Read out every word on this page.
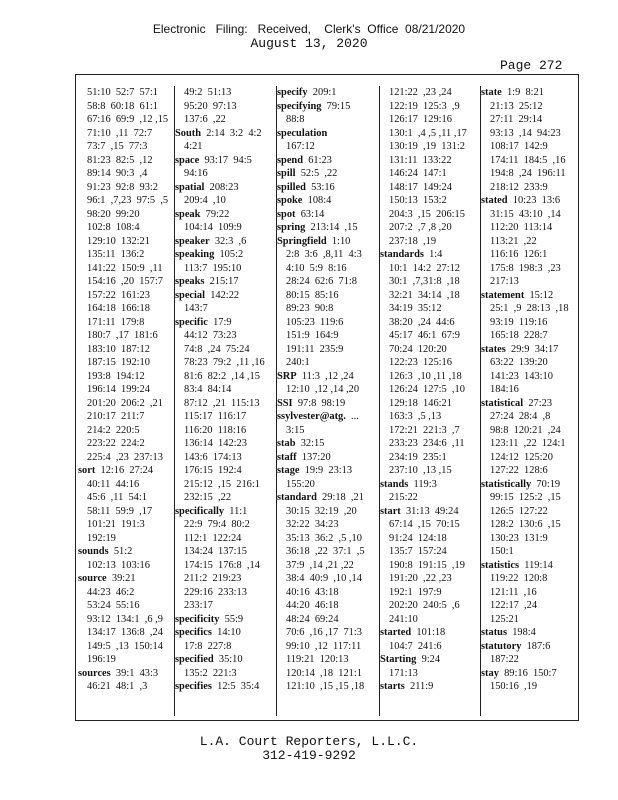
Electronic   Filing:   Received,    Clerk's  Office  08/21/2020
August 13, 2020
Page 272
51:10  52:7  57:1
58:8  60:18  61:1
67:16  69:9  ,12 ,15
71:10  ,11  72:7
73:7  ,15  77:3
81:23  82:5  ,12
89:14  90:3  ,4
91:23  92:8  93:2
96:1  ,7,23  97:5  ,5
98:20  99:20
102:8  108:4
129:10  132:21
135:11  136:2
141:22  150:9  ,11
154:16  ,20  157:7
157:22  161:23
164:18  166:18
171:11  179:8
180:7  ,17  181:6
183:10  187:12
187:15  192:10
193:8  194:12
196:14  199:24
201:20  206:2  ,21
210:17  211:7
214:2  220:5
223:22  224:2
225:4  ,23  237:13
sort 12:16  27:24
40:11  44:16
45:6  ,11  54:1
58:11  59:9  ,17
101:21  191:3
192:19
sounds 51:2
102:13  103:16
source 39:21
44:23  46:2
53:24  55:16
93:12  134:1  ,6 ,9
134:17  136:8  ,24
149:5  ,13  150:14
196:19
sources 39:1  43:3
46:21  48:1  ,3
49:2  51:13
95:20  97:13
137:6  ,22
South 2:14  3:2  4:2
4:21
space 93:17  94:5
94:16
spatial 208:23
209:4  ,10
speak 79:22
104:14  109:9
speaker 32:3  ,6
speaking 105:2
113:7  195:10
speaks 215:17
special 142:22
143:7
specific 17:9
44:12  73:23
74:8  ,24  75:24
78:23  79:2  ,11 ,16
81:6  82:2  ,14 ,15
83:4  84:14
87:12  ,21  115:13
115:17  116:17
116:20  118:16
136:14  142:23
143:6  174:13
176:15  192:4
215:12  ,15  216:1
232:15  ,22
specifically 11:1
22:9  79:4  80:2
112:1  122:24
134:24  137:15
174:15  176:8  ,14
211:2  219:23
229:16  233:13
233:17
specificity 55:9
specifics 14:10
17:8  227:8
specified 35:10
135:2  221:3
specifies 12:5  35:4
specify 209:1
specifying 79:15
88:8
speculation
167:12
spend 61:23
spill 52:5  ,22
spilled 53:16
spoke 108:4
spot 63:14
spring 213:14  ,15
Springfield 1:10
2:8  3:6  ,8,11  4:3
4:10  5:9  8:16
28:24  62:6  71:8
80:15  85:16
89:23  90:8
105:23  119:6
151:9  164:9
191:11  235:9
240:1
SRP 11:3  ,12 ,24
12:10  ,12 ,14 ,20
SSI 97:8  98:19
ssylvester@atg. ...
3:15
stab 32:15
staff 137:20
stage 19:9  23:13
155:20
standard 29:18  ,21
30:15  32:19  ,20
32:22  34:23
35:13  36:2  ,5 ,10
36:18  ,22  37:1  ,5
37:9  ,14 ,21 ,22
38:4  40:9  ,10 ,14
40:16  43:18
44:20  46:18
48:24  69:24
70:6  ,16 ,17  71:3
99:10  ,12  117:11
119:21  120:13
120:14  ,18  121:1
121:10  ,15 ,15 ,18
121:22  ,23 ,24
122:19  125:3  ,9
126:17  129:16
130:1  ,4 ,5 ,11 ,17
130:19  ,19  131:2
131:11  133:22
146:24  147:1
148:17  149:24
150:13  153:2
204:3  ,15  206:15
207:2  ,7 ,8 ,20
237:18  ,19
standards 1:4
10:1  14:2  27:12
30:1  ,7,31:8  ,18
32:21  34:14  ,18
34:19  35:12
38:20  ,24  44:6
45:17  46:1  67:9
70:24  120:20
122:23  125:16
126:3  ,10 ,11 ,18
126:24  127:5  ,10
129:18  146:21
163:3  ,5 ,13
172:21  221:3  ,7
233:23  234:6  ,11
234:19  235:1
237:10  ,13 ,15
stands 119:3
215:22
start 31:13  49:24
67:14  ,15  70:15
91:24  124:18
135:7  157:24
190:8  191:15  ,19
191:20  ,22 ,23
192:1  197:9
202:20  240:5  ,6
241:10
started 101:18
104:7  241:6
Starting 9:24
171:13
starts 211:9
state 1:9  8:21
21:13  25:12
27:11  29:14
93:13  ,14  94:23
108:17  142:9
174:11  184:5  ,16
194:8  ,24  196:11
218:12  233:9
stated 10:23  13:6
31:15  43:10  ,14
112:20  113:14
113:21  ,22
116:16  126:1
175:8  198:3  ,23
217:13
statement 15:12
25:1  ,9  28:13  ,18
93:19  119:16
165:18  228:7
states 29:9  34:17
63:22  139:20
141:23  143:10
184:16
statistical 27:23
27:24  28:4  ,8
98:8  120:21  ,24
123:11  ,22  124:1
124:12  125:20
127:22  128:6
statistically 70:19
99:15  125:2  ,15
126:5  127:22
128:2  130:6  ,15
130:23  131:9
150:1
statistics 119:14
119:22  120:8
121:11  ,16
122:17  ,24
125:21
status 198:4
statutory 187:6
187:22
stay 89:16  150:7
150:16  ,19
L.A. Court Reporters, L.L.C.
312-419-9292
